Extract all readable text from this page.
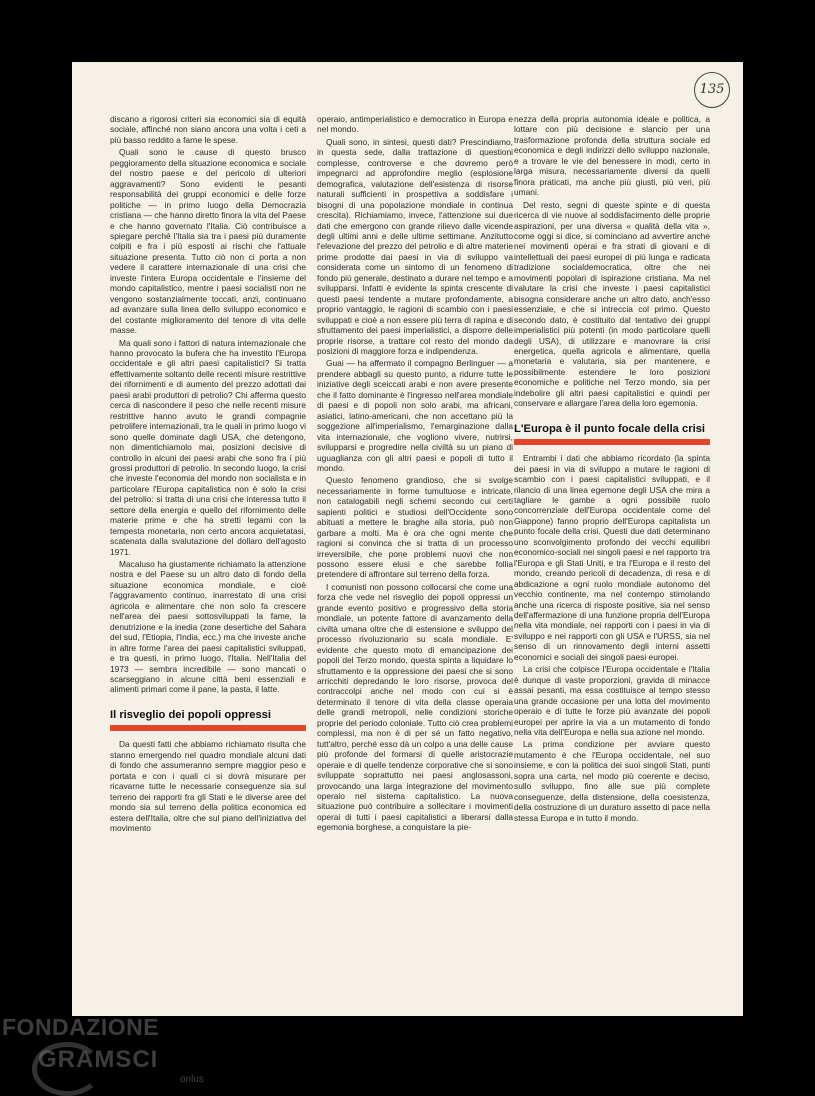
135

discano a rigorosi criteri sia economici sia di equità sociale, affinché non siano ancora una volta i ceti a più basso reddito a farne le spese.

Quali sono le cause di questo brusco peggioramento della situazione economica e sociale del nostro paese e del pericolo di ulteriori aggravamenti? Sono evidenti le pesanti responsabilità dei gruppi economici e delle forze politiche — in primo luogo della Democrazia cristiana — che hanno diretto finora la vita del Paese e che hanno governato l'Italia. Ciò contribuisce a spiegare perché l'Italia sia tra i paesi più duramente colpiti e fra i più esposti ai rischi che l'attuale situazione presenta. Tutto ciò non ci porta a non vedere il carattere internazionale di una crisi che investe l'intera Europa occidentale e l'insieme del mondo capitalistico, mentre i paesi socialisti non ne vengono sostanzialmente toccati, anzi, continuano ad avanzare sulla linea dello sviluppo economico e del costante miglioramento del tenore di vita delle masse.

Ma quali sono i fattori di natura internazionale che hanno provocato la bufera che ha investito l'Europa occidentale e gli altri paesi capitalistici? Si tratta effettivamente soltanto delle recenti misure restrittive dei rifornimenti e di aumento del prezzo adottati dai paesi arabi produttori di petrolio? Chi afferma questo cerca di nascondere il peso che nelle recenti misure restrittive hanno avuto le grandi compagnie petrolifere internazionali, tra le quali in primo luogo vi sono quelle dominate dagli USA, che detengono, non dimentichiamolo mai, posizioni decisive di controllo in alcuni dei paesi arabi che sono fra i più grossi produttori di petrolio. In secondo luogo, la crisi che investe l'economia del mondo non socialista e in particolare l'Europa capitalistica non è solo la crisi del petrolio: si tratta di una crisi che interessa tutto il settore della energia e quello del rifornimento delle materie prime e che ha stretti legami con la tempesta monetaria, non certo ancora acquietatasi, scatenata dalla svalutazione del dollaro dell'agosto 1971.

Macaluso ha giustamente richiamato la attenzione nostra e del Paese su un altro dato di fondo della situazione economica mondiale, e cioè l'aggravamento continuo, inarrestato di una crisi agricola e alimentare che non solo fa crescere nell'area dei paesi sottosviluppati la fame, la denutrizione e la inedia (zone desertiche del Sahara del sud, l'Etiopia, l'India, ecc.) ma che investe anche in altre forme l'area dei paesi capitalistici sviluppati, e tra questi, in primo luogo, l'Italia. Nell'Italia del 1973 — sembra incredibile — sono mancati o scarseggiano in alcune città beni essenziali e alimenti primari come il pane, la pasta, il latte.

Il risveglio dei popoli oppressi

Da questi fatti che abbiamo richiamato risulta che stanno emergendo nel quadro mondiale alcuni dati di fondo che assumeranno sempre maggior peso e portata e con i quali ci si dovrà misurare per ricavarne tutte le necessarie conseguenze sia sul terreno dei rapporti fra gli Stati e le diverse aree del mondo sia sul terreno della politica economica ed estera dell'Italia, oltre che sul piano dell'iniziativa del movimento

operaio, antimperialistico e democratico in Europa e nel mondo.

Quali sono, in sintesi, questi dati? Prescindiamo, in questa sede, dalla trattazione di questioni complesse, controverse e che dovremo però impegnarci ad approfondire meglio (esplosione demografica, valutazione dell'esistenza di risorse naturali sufficienti in prospettiva a soddisfare i bisogni di una popolazione mondiale in continua crescita). Richiamiamo, invece, l'attenzione sui due dati che emergono con grande rilievo dalle vicende degli ultimi anni e delle ultime settimane. Anzitutto l'elevazione del prezzo del petrolio e di altre materie prime prodotte dai paesi in via di sviluppo va considerata come un sintomo di un fenomeno di fondo più generale, destinato a durare nel tempo e a svilupparsi. Infatti è evidente la spinta crescente di questi paesi tendente a mutare profondamente, a proprio vantaggio, le ragioni di scambio con i paesi sviluppati e cioè a non essere più terra di rapina e di sfruttamento dei paesi imperialistici, a disporre delle proprie risorse, a trattare col resto del mondo da posizioni di maggiore forza e indipendenza.

Guai — ha affermato il compagno Berlinguer — a prendere abbagli su questo punto, a ridurre tutte le iniziative degli sceiccati arabi e non avere presente che il fatto dominante è l'ingresso nell'area mondiale di paesi e di popoli non solo arabi, ma africani, asiatici, latino-americani, che non accettano più la soggezione all'imperialismo, l'emarginazione dalla vita internazionale, che vogliono vivere, nutrirsi, svilupparsi e progredire nella civiltà su un piano di uguaglianza con gli altri paesi e popoli di tutto il mondo.

Questo fenomeno grandioso, che si svolge necessariamente in forme tumultuose e intricate, non catalogabili negli schemi secondo cui certi sapienti politici e studiosi dell'Occidente sono abituati a mettere le braghe alla storia, può non garbare a molti. Ma è ora che ogni mente che ragioni si convinca che si tratta di un processo irreversibile, che pone problemi nuovi che non possono essere elusi e che sarebbe follia pretendere di affrontare sul terreno della forza.

I comunisti non possono collocarsi che come una forza che vede nel risveglio dei popoli oppressi un grande evento positivo e progressivo della storia mondiale, un potente fattore di avanzamento della civiltà umana oltre che di estensione e sviluppo del processo rivoluzionario su scala mondiale. E' evidente che questo moto di emancipazione dei popoli del Terzo mondo, questa spinta a liquidare lo sfruttamento e la oppressione dei paesi che si sono arricchiti depredando le loro risorse, provoca del contraccolpi anche nel modo con cui si è determinato il tenore di vita della classe operaia delle grandi metropoli, nelle condizioni storiche proprie del periodo coloniale. Tutto ciò crea problemi complessi, ma non è di per sé un fatto negativo, tutt'altro, perché esso dà un colpo a una delle cause più profonde del formarsi di quelle aristocrazie operaie e di quelle tendenze corporative che si sono sviluppate soprattutto nei paesi anglosassoni, provocando una larga integrazione del movimento operaio nel sistema capitalistico. La nuova situazione può contribuire a sollecitare i movimenti operai di tutti i paesi capitalistici a liberarsi dalla egemonia borghese, a conquistare la pie-

nezza della propria autonomia ideale e politica, a lottare con più decisione e slancio per una trasformazione profonda della struttura sociale ed economica e degli indirizzi dello sviluppo nazionale, e a trovare le vie del benessere in modi, certo in larga misura, necessariamente diversi da quelli finora praticati, ma anche più giusti, più veri, più umani.

Del resto, segni di queste spinte e di questa ricerca di vie nuove al soddisfacimento delle proprie aspirazioni, per una diversa « qualità della vita », come oggi si dice, si cominciano ad avvertire anche nei movimenti operai e fra strati di giovani e di intellettuali dei paesi europei di più lunga e radicata tradizione socialdemocratica, oltre che nei movimenti popolari di ispirazione cristiana. Ma nel valutare la crisi che investe i paesi capitalistici bisogna considerare anche un altro dato, anch'esso essenziale, e che si intreccia col primo. Questo secondo dato, è costituito dal tentativo dei gruppi imperialistici più potenti (in modo particolare quelli degli USA), di utilizzare e manovrare la crisi energetica, quella agricola e alimentare, quella monetaria e valutaria, sia per mantenere, e possibilmente estendere le loro posizioni economiche e politiche nel Terzo mondo, sia per indebolire gli altri paesi capitalistici e quindi per conservare e allargare l'area della loro egemonia.

L'Europa è il punto focale della crisi

Entrambi i dati che abbiamo ricordato (la spinta dei paesi in via di sviluppo a mutare le ragioni di scambio con i paesi capitalistici sviluppati, e il rilancio di una linea egemone degli USA che mira a tagliare le gambe a ogni possibile ruolo concorrenziale dell'Europa occidentale come del Giappone) fanno proprio dell'Europa capitalista un punto focale della crisi. Questi due dati determinano uno sconvolgimento profondo dei vecchi equilibri economico-sociali nei singoli paesi e nel rapporto tra l'Europa e gli Stati Uniti, e tra l'Europa e il resto del mondo, creando pericoli di decadenza, di resa e di abdicazione a ogni ruolo mondiale autonomo del vecchio continente, ma nel contempo stimolando anche una ricerca di risposte positive, sia nel senso dell'affermazione di una funzione propria dell'Europa nella vita mondiale, nei rapporti con i paesi in via di sviluppo e nei rapporti con gli USA e l'URSS, sia nel senso di un rinnovamento degli interni assetti economici e sociali dei singoli paesi europei.

La crisi che colpisce l'Europa occidentale e l'Italia è dunque di vaste proporzioni, gravida di minacce assai pesanti, ma essa costituisce al tempo stesso una grande occasione per una lotta del movimento operaio e di tutte le forze più avanzate dei popoli europei per aprire la via a un mutamento di fondo nella vita dell'Europa e nella sua azione nel mondo.

La prima condizione per avviare questo mutamento è che l'Europa occidentale, nel suo insieme, e con la politica dei suoi singoli Stati, punti sopra una carta, nel modo più coerente e deciso, sullo sviluppo, fino alle sue più complete conseguenze, della distensione, della coesistenza, della costruzione di un duraturo assetto di pace nella stessa Europa e in tutto il mondo.

FONDAZIONE
GRAMSCI
onlus
